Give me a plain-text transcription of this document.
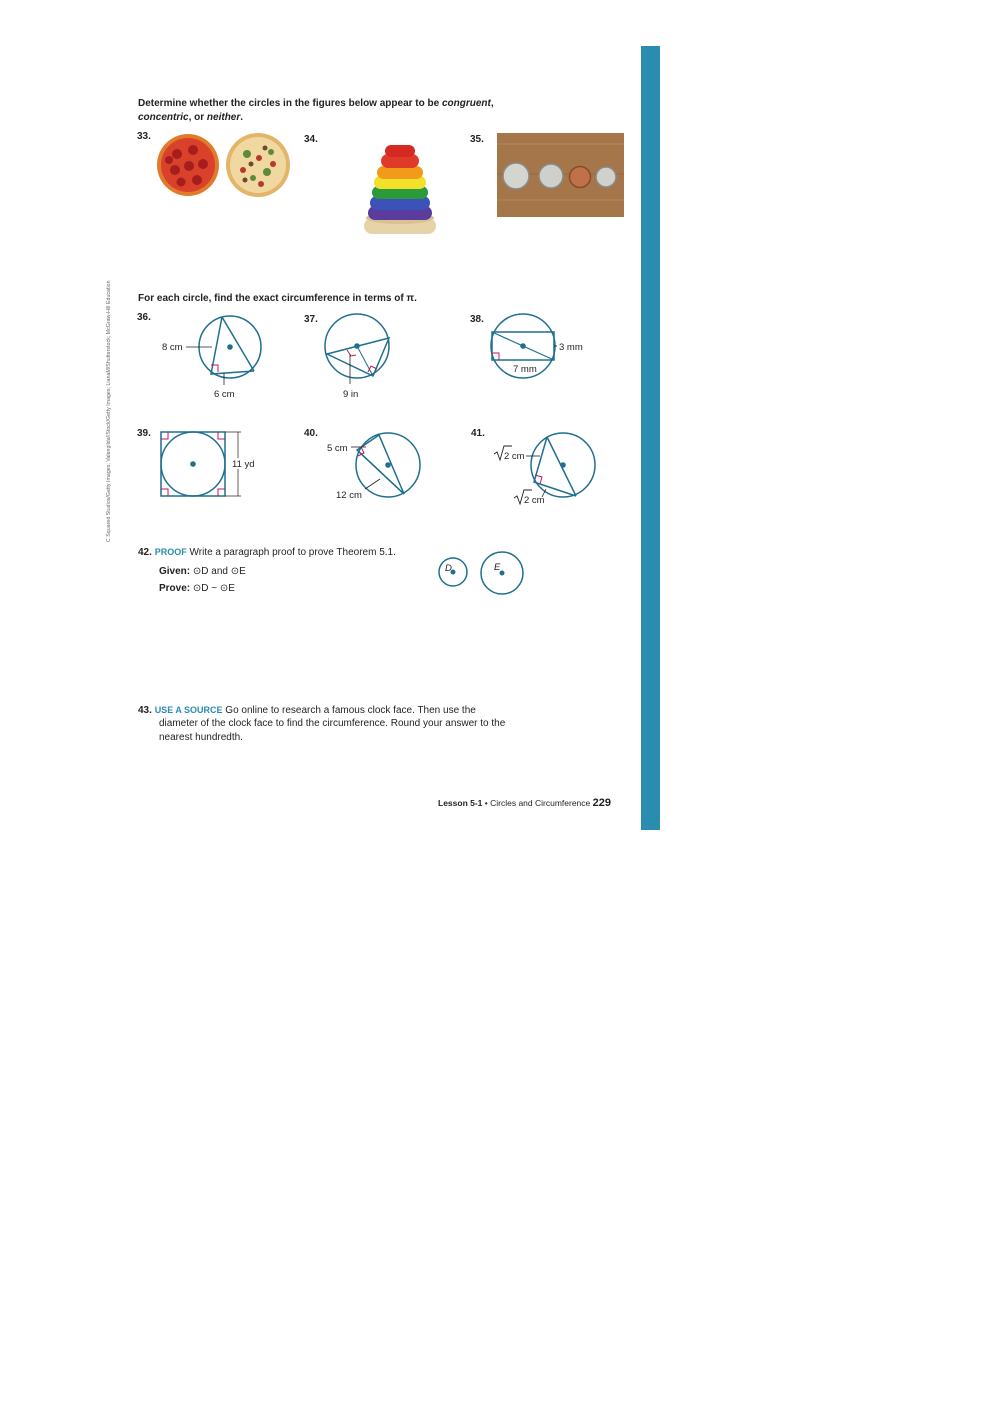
C Squared Studios/Getty Images; Valengilda/iStock/Getty Images; LianaM/Shutterstock; McGraw-Hill Education
Determine whether the circles in the figures below appear to be congruent,
concentric, or neither.
33.	34.	35.
For each circle, find the exact circumference in terms of π.
36.	37.	38.
8 cm
6 cm	9 in
3 mm
7 mm
39.	40.	41.
11 yd
5 cm
12 cm
2 cm
2 cm
42. PROOF Write a paragraph proof to prove Theorem 5.1.
Given: ⊙D and ⊙E
Prove: ⊙D ~ ⊙E
D	E
43. USE A SOURCE Go online to research a famous clock face. Then use the
diameter of the clock face to find the circumference. Round your answer to the
nearest hundredth.
Lesson 5-1 • Circles and Circumference 229
